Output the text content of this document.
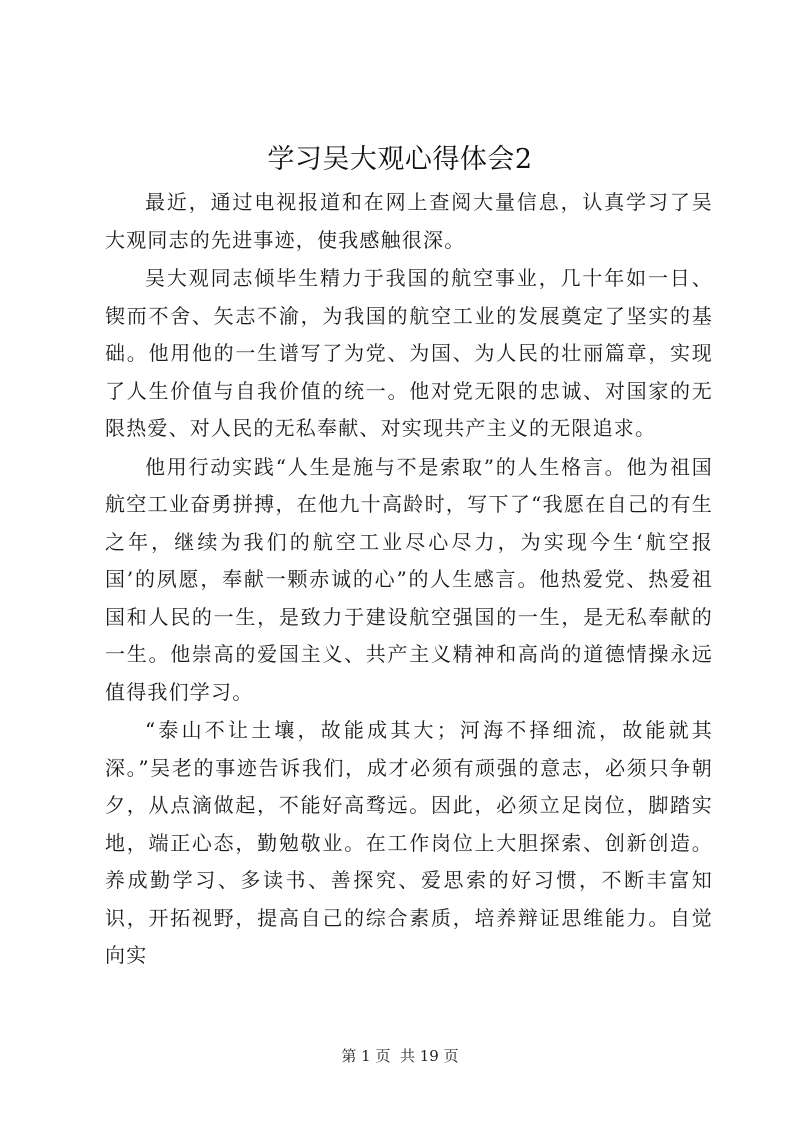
学习吴大观心得体会2

最近，通过电视报道和在网上查阅大量信息，认真学习了吴大观同志的先进事迹，使我感触很深。

吴大观同志倾毕生精力于我国的航空事业，几十年如一日、锲而不舍、矢志不渝，为我国的航空工业的发展奠定了坚实的基础。他用他的一生谱写了为党、为国、为人民的壮丽篇章，实现了人生价值与自我价值的统一。他对党无限的忠诚、对国家的无限热爱、对人民的无私奉献、对实现共产主义的无限追求。

他用行动实践“人生是施与不是索取”的人生格言。他为祖国航空工业奋勇拼搏，在他九十高龄时，写下了“我愿在自己的有生之年，继续为我们的航空工业尽心尽力，为实现今生‘航空报国’的夙愿，奉献一颗赤诚的心”的人生感言。他热爱党、热爱祖国和人民的一生，是致力于建设航空强国的一生，是无私奉献的一生。他崇高的爱国主义、共产主义精神和高尚的道德情操永远值得我们学习。

“泰山不让土壤，故能成其大；河海不择细流，故能就其深。”吴老的事迹告诉我们，成才必须有顽强的意志，必须只争朝夕，从点滴做起，不能好高骛远。因此，必须立足岗位，脚踏实地，端正心态，勤勉敬业。在工作岗位上大胆探索、创新创造。养成勤学习、多读书、善探究、爱思索的好习惯，不断丰富知识，开拓视野，提高自己的综合素质，培养辩证思维能力。自觉向实

第 1 页  共 19 页
